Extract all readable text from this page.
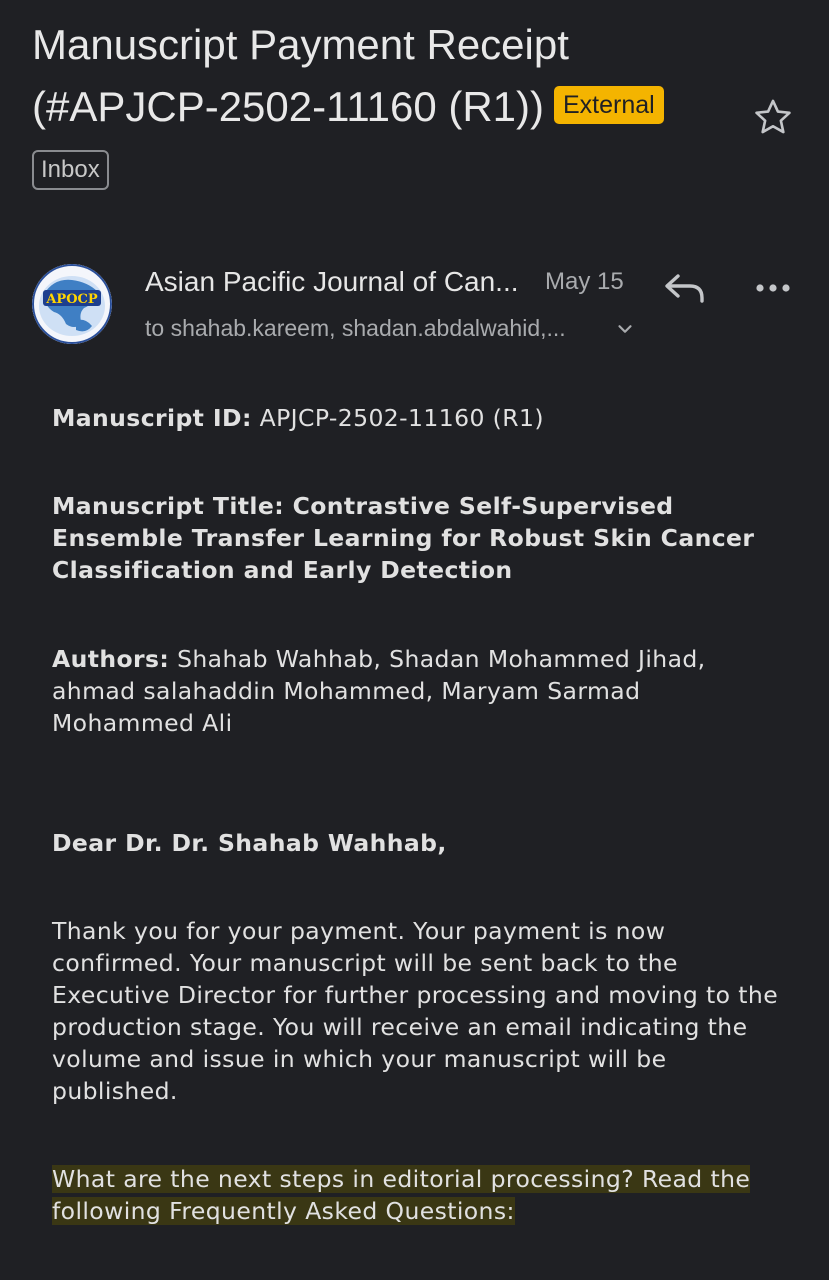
Manuscript Payment Receipt (#APJCP-2502-11160 (R1)) External
Inbox
APOCP
Asian Pacific Journal of Can...	May 15
to shahab.kareem, shadan.abdalwahid,...

Manuscript ID: APJCP-2502-11160 (R1)

Manuscript Title: Contrastive Self-Supervised Ensemble Transfer Learning for Robust Skin Cancer Classification and Early Detection

Authors: Shahab Wahhab, Shadan Mohammed Jihad, ahmad salahaddin Mohammed, Maryam Sarmad Mohammed Ali

Dear Dr. Dr. Shahab Wahhab,

Thank you for your payment. Your payment is now confirmed. Your manuscript will be sent back to the Executive Director for further processing and moving to the production stage. You will receive an email indicating the volume and issue in which your manuscript will be published.

What are the next steps in editorial processing? Read the following Frequently Asked Questions:
